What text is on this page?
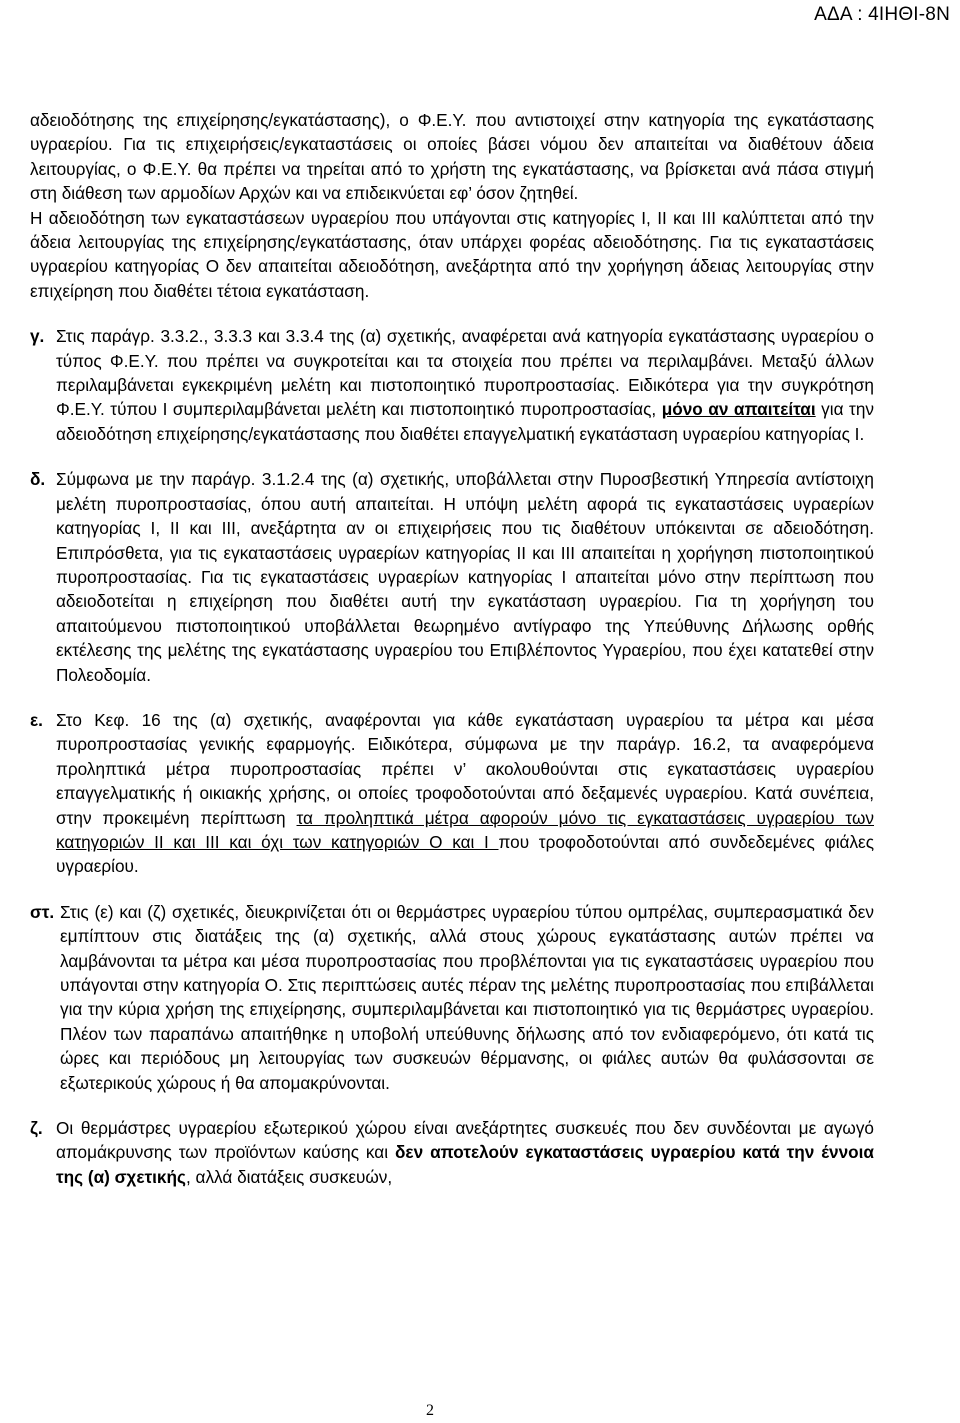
ΑΔΑ : 4ΙΗΘΙ-8Ν

αδειοδότησης της επιχείρησης/εγκατάστασης), ο Φ.Ε.Υ. που αντιστοιχεί στην κατηγορία της εγκατάστασης υγραερίου. Για τις επιχειρήσεις/εγκαταστάσεις οι οποίες βάσει νόμου δεν απαιτείται να διαθέτουν άδεια λειτουργίας, ο Φ.Ε.Υ. θα πρέπει να τηρείται από το χρήστη της εγκατάστασης, να βρίσκεται ανά πάσα στιγμή στη διάθεση των αρμοδίων Αρχών και να επιδεικνύεται εφ’ όσον ζητηθεί.

Η αδειοδότηση των εγκαταστάσεων υγραερίου που υπάγονται στις κατηγορίες Ι, ΙΙ και ΙΙΙ καλύπτεται από την άδεια λειτουργίας της επιχείρησης/εγκατάστασης, όταν υπάρχει φορέας αδειοδότησης. Για τις εγκαταστάσεις υγραερίου κατηγορίας Ο δεν απαιτείται αδειοδότηση, ανεξάρτητα από την χορήγηση άδειας λειτουργίας στην επιχείρηση που διαθέτει τέτοια εγκατάσταση.

γ. Στις παράγρ. 3.3.2., 3.3.3 και 3.3.4 της (α) σχετικής, αναφέρεται ανά κατηγορία εγκατάστασης υγραερίου ο τύπος Φ.Ε.Υ. που πρέπει να συγκροτείται και τα στοιχεία που πρέπει να περιλαμβάνει. Μεταξύ άλλων περιλαμβάνεται εγκεκριμένη μελέτη και πιστοποιητικό πυροπροστασίας. Ειδικότερα για την συγκρότηση Φ.Ε.Υ. τύπου Ι συμπεριλαμβάνεται μελέτη και πιστοποιητικό πυροπροστασίας, μόνο αν απαιτείται για την αδειοδότηση επιχείρησης/εγκατάστασης που διαθέτει επαγγελματική εγκατάσταση υγραερίου κατηγορίας Ι.
δ. Σύμφωνα με την παράγρ. 3.1.2.4 της (α) σχετικής, υποβάλλεται στην Πυροσβεστική Υπηρεσία αντίστοιχη μελέτη πυροπροστασίας, όπου αυτή απαιτείται. Η υπόψη μελέτη αφορά τις εγκαταστάσεις υγραερίων κατηγορίας Ι, ΙΙ και ΙΙΙ, ανεξάρτητα αν οι επιχειρήσεις που τις διαθέτουν υπόκεινται σε αδειοδότηση. Επιπρόσθετα, για τις εγκαταστάσεις υγραερίων κατηγορίας ΙΙ και ΙΙΙ απαιτείται η χορήγηση πιστοποιητικού πυροπροστασίας. Για τις εγκαταστάσεις υγραερίων κατηγορίας Ι απαιτείται μόνο στην περίπτωση που αδειοδοτείται η επιχείρηση που διαθέτει αυτή την εγκατάσταση υγραερίου. Για τη χορήγηση του απαιτούμενου πιστοποιητικού υποβάλλεται θεωρημένο αντίγραφο της Υπεύθυνης Δήλωσης ορθής εκτέλεσης της μελέτης της εγκατάστασης υγραερίου του Επιβλέποντος Υγραερίου, που έχει κατατεθεί στην Πολεοδομία.
ε. Στο Κεφ. 16 της (α) σχετικής, αναφέρονται για κάθε εγκατάσταση υγραερίου τα μέτρα και μέσα πυροπροστασίας γενικής εφαρμογής. Ειδικότερα, σύμφωνα με την παράγρ. 16.2, τα αναφερόμενα προληπτικά μέτρα πυροπροστασίας πρέπει ν’ ακολουθούνται στις εγκαταστάσεις υγραερίου επαγγελματικής ή οικιακής χρήσης, οι οποίες τροφοδοτούνται από δεξαμενές υγραερίου. Κατά συνέπεια, στην προκειμένη περίπτωση τα προληπτικά μέτρα αφορούν μόνο τις εγκαταστάσεις υγραερίου των κατηγοριών ΙΙ και ΙΙΙ και όχι των κατηγοριών Ο και Ι που τροφοδοτούνται από συνδεδεμένες φιάλες υγραερίου.
στ. Στις (ε) και (ζ) σχετικές, διευκρινίζεται ότι οι θερμάστρες υγραερίου τύπου ομπρέλας, συμπερασματικά δεν εμπίπτουν στις διατάξεις της (α) σχετικής, αλλά στους χώρους εγκατάστασης αυτών πρέπει να λαμβάνονται τα μέτρα και μέσα πυροπροστασίας που προβλέπονται για τις εγκαταστάσεις υγραερίου που υπάγονται στην κατηγορία Ο. Στις περιπτώσεις αυτές πέραν της μελέτης πυροπροστασίας που επιβάλλεται για την κύρια χρήση της επιχείρησης, συμπεριλαμβάνεται και πιστοποιητικό για τις θερμάστρες υγραερίου. Πλέον των παραπάνω απαιτήθηκε η υποβολή υπεύθυνης δήλωσης από τον ενδιαφερόμενο, ότι κατά τις ώρες και περιόδους μη λειτουργίας των συσκευών θέρμανσης, οι φιάλες αυτών θα φυλάσσονται σε εξωτερικούς χώρους ή θα απομακρύνονται.
ζ. Οι θερμάστρες υγραερίου εξωτερικού χώρου είναι ανεξάρτητες συσκευές που δεν συνδέονται με αγωγό απομάκρυνσης των προϊόντων καύσης και δεν αποτελούν εγκαταστάσεις υγραερίου κατά την έννοια της (α) σχετικής, αλλά διατάξεις συσκευών,
2
